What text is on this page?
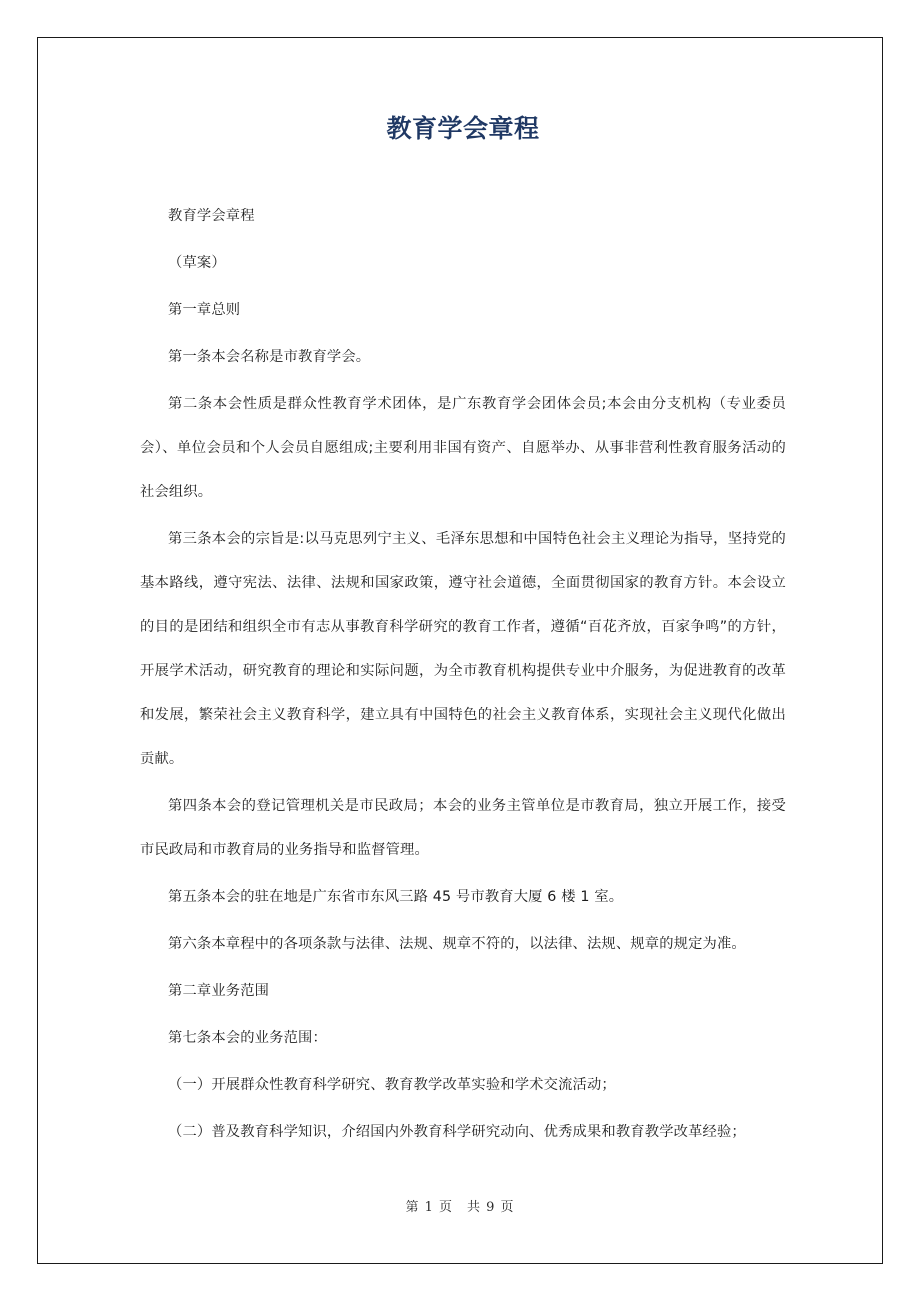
教育学会章程

教育学会章程

（草案）

第一章总则

第一条本会名称是市教育学会。

第二条本会性质是群众性教育学术团体，是广东教育学会团体会员;本会由分支机构（专业委员会）、单位会员和个人会员自愿组成;主要利用非国有资产、自愿举办、从事非营利性教育服务活动的社会组织。

第三条本会的宗旨是:以马克思列宁主义、毛泽东思想和中国特色社会主义理论为指导，坚持党的基本路线，遵守宪法、法律、法规和国家政策，遵守社会道德，全面贯彻国家的教育方针。本会设立的目的是团结和组织全市有志从事教育科学研究的教育工作者，遵循“百花齐放，百家争鸣”的方针，开展学术活动，研究教育的理论和实际问题，为全市教育机构提供专业中介服务，为促进教育的改革和发展，繁荣社会主义教育科学，建立具有中国特色的社会主义教育体系，实现社会主义现代化做出贡献。

第四条本会的登记管理机关是市民政局；本会的业务主管单位是市教育局，独立开展工作，接受市民政局和市教育局的业务指导和监督管理。

第五条本会的驻在地是广东省市东风三路 45 号市教育大厦 6 楼 1 室。

第六条本章程中的各项条款与法律、法规、规章不符的，以法律、法规、规章的规定为准。

第二章业务范围

第七条本会的业务范围：

（一）开展群众性教育科学研究、教育教学改革实验和学术交流活动；

（二）普及教育科学知识，介绍国内外教育科学研究动向、优秀成果和教育教学改革经验；

第 1 页　共 9 页
